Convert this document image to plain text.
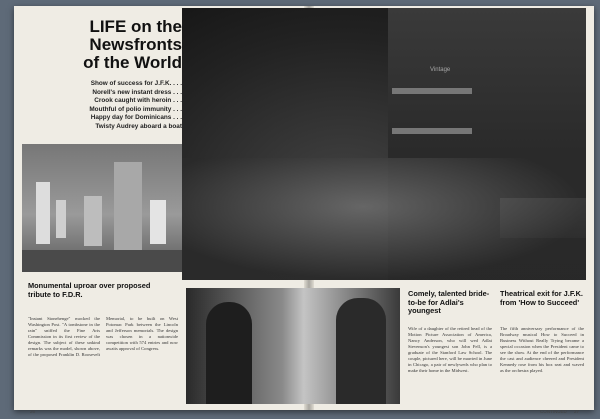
LIFE on the
Newsfronts
of the World
Show of success for J.F.K. . . .
Norell's new instant dress . . .
Crook caught with heroin . . .
Mouthful of polio immunity . . .
Happy day for Dominicans . . .
Twisty Audrey aboard a boat
Vintage
Monumental uproar over proposed tribute to F.D.R.
"Instant Stonehenge" mocked the Washington Post. "A tombstone in the rain" sniffed the Fine Arts Commission in its first review of the design. The subject of these unkind remarks was the model, shown above, of the proposed Franklin D. Roosevelt Memorial, to be built on West Potomac Park between the Lincoln and Jefferson memorials. The design was chosen in a nationwide competition with 574 entries and now awaits approval of Congress.
Comely, talented bride-to-be for Adlai's youngest
Wife of a daughter of the retired head of the Motion Picture Association of America, Nancy Anderson, who will wed Adlai Stevenson's youngest son John Fell, is a graduate of the Stanford Law School. The couple, pictured here, will be married in June in Chicago, a pair of newlyweds who plan to make their home in the Midwest.
Theatrical exit for J.F.K. from 'How to Succeed'
The fifth anniversary performance of the Broadway musical How to Succeed in Business Without Really Trying became a special occasion when the President came to see the show. At the end of the performance the cast and audience cheered and President Kennedy rose from his box seat and waved as the orchestra played.
26	CONTINUED 27
